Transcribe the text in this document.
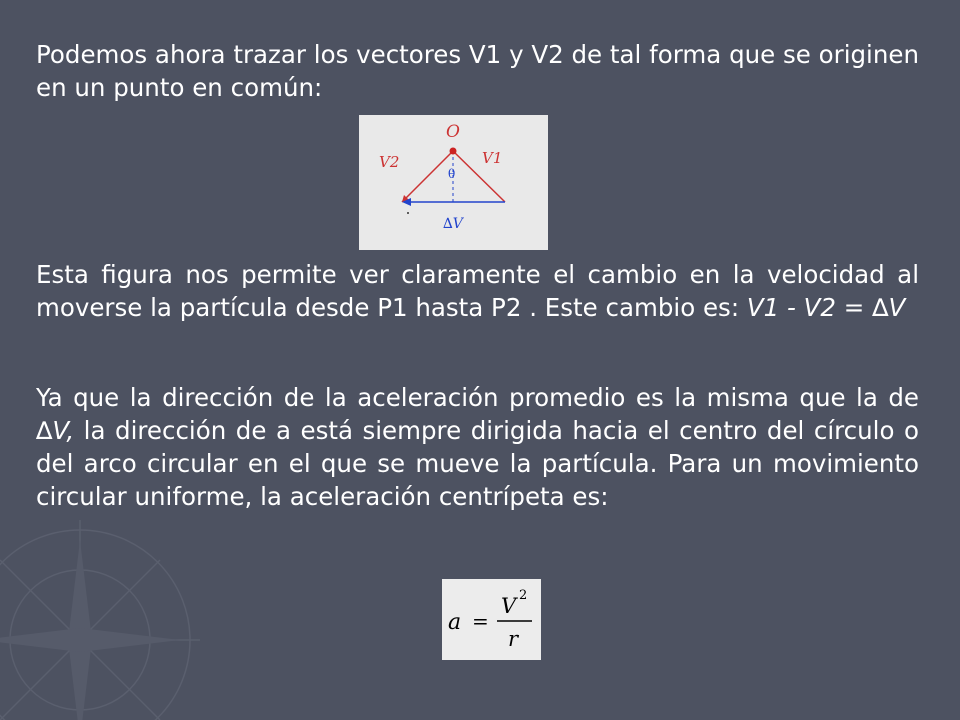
Podemos ahora trazar los vectores V1 y V2 de tal forma que se originen en un punto en común:

O
V2	V1
θ
∆V

Esta figura nos permite ver claramente el cambio en la velocidad al moverse la partícula desde P1 hasta P2 . Este cambio es: V1 - V2 = ∆V

Ya que la dirección de la aceleración promedio es la misma que la de ∆V, la dirección de a está siempre dirigida hacia el centro del círculo o del arco circular en el que se mueve la partícula. Para un movimiento circular uniforme, la aceleración centrípeta es:

a =
V 2
r
